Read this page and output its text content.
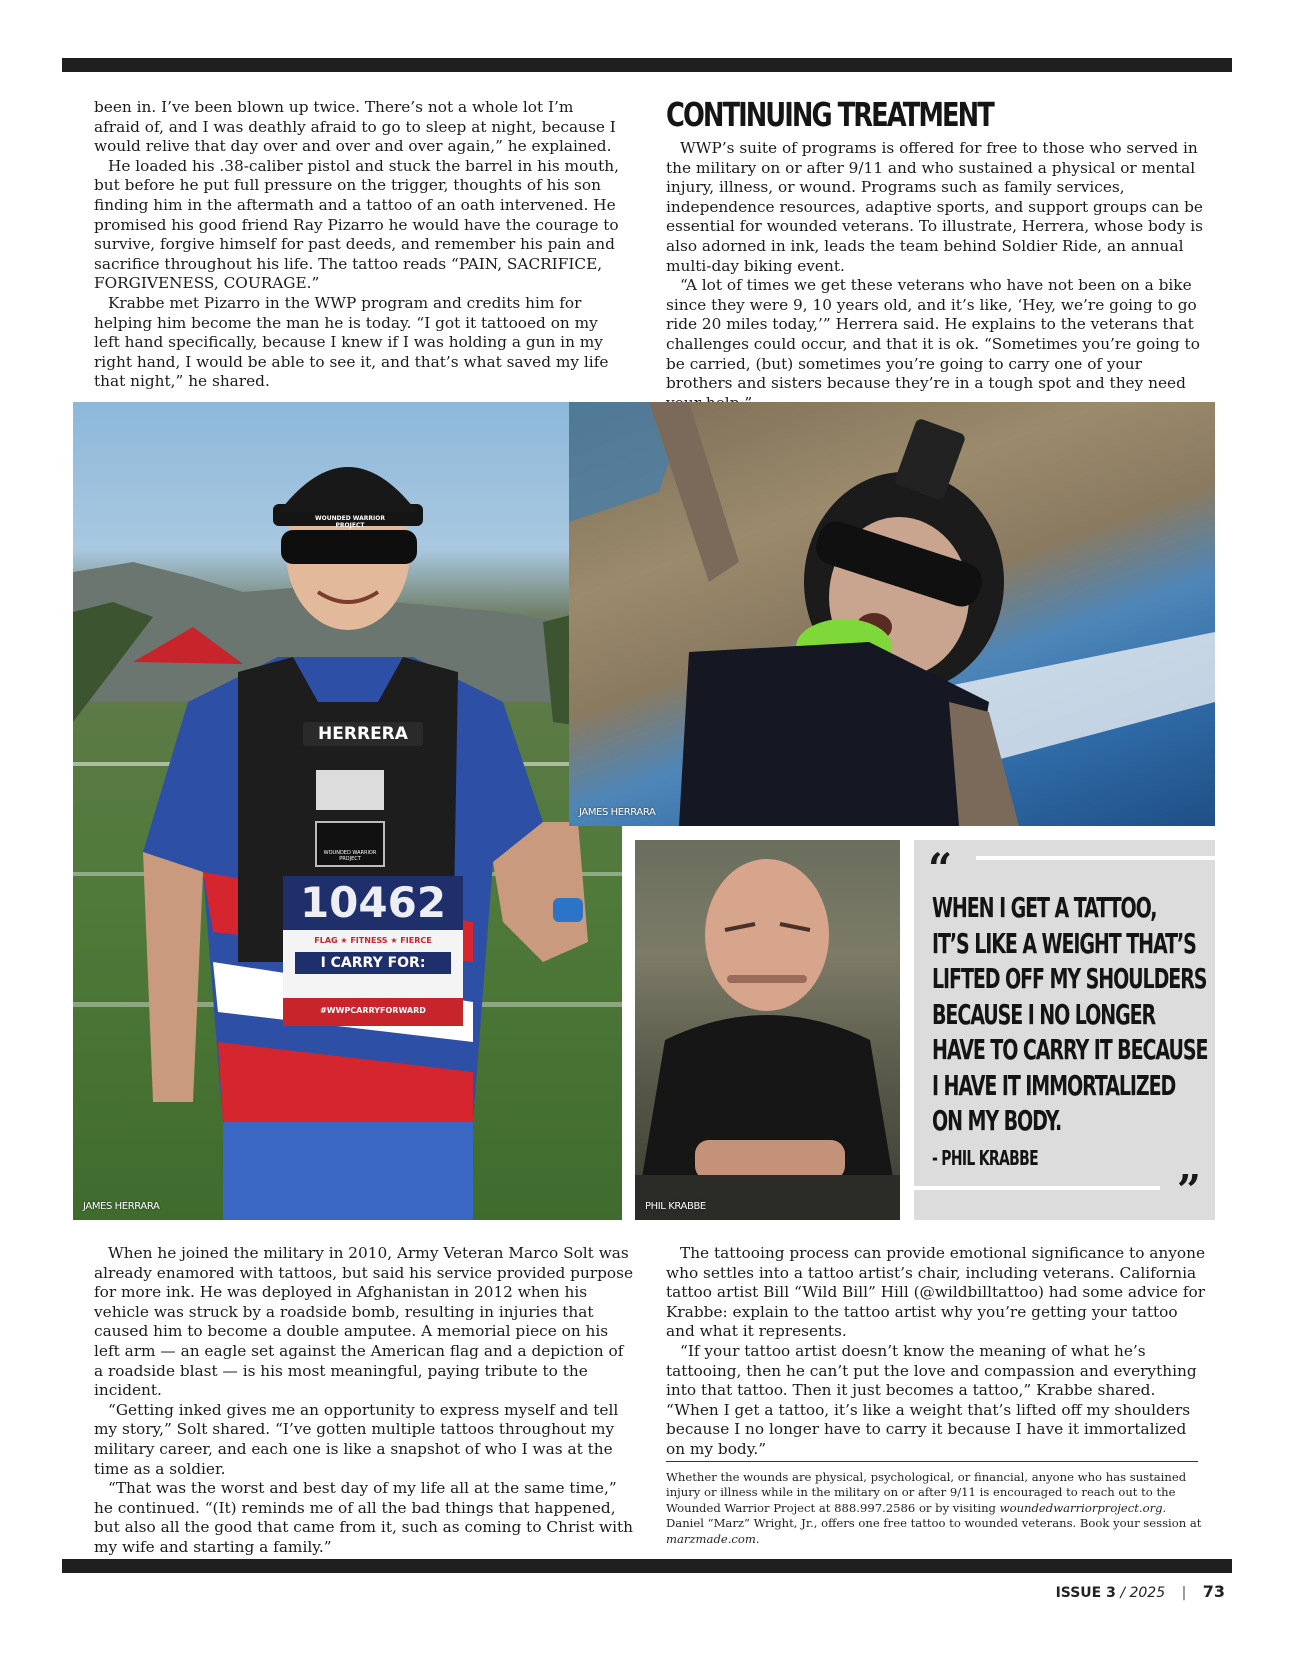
been in. I’ve been blown up twice. There’s not a whole lot I’m afraid of, and I was deathly afraid to go to sleep at night, because I would relive that day over and over and over again,” he explained.

He loaded his .38-caliber pistol and stuck the barrel in his mouth, but before he put full pressure on the trigger, thoughts of his son finding him in the aftermath and a tattoo of an oath intervened. He promised his good friend Ray Pizarro he would have the courage to survive, forgive himself for past deeds, and remember his pain and sacrifice throughout his life. The tattoo reads “PAIN, SACRIFICE, FORGIVENESS, COURAGE.”

Krabbe met Pizarro in the WWP program and credits him for helping him become the man he is today. “I got it tattooed on my left hand specifically, because I knew if I was holding a gun in my right hand, I would be able to see it, and that’s what saved my life that night,” he shared.

CONTINUING TREATMENT

WWP’s suite of programs is offered for free to those who served in the military on or after 9/11 and who sustained a physical or mental injury, illness, or wound. Programs such as family services, independence resources, adaptive sports, and support groups can be essential for wounded veterans. To illustrate, Herrera, whose body is also adorned in ink, leads the team behind Soldier Ride, an annual multi-day biking event.

“A lot of times we get these veterans who have not been on a bike since they were 9, 10 years old, and it’s like, ‘Hey, we’re going to go ride 20 miles today,’” Herrera said. He explains to the veterans that challenges could occur, and that it is ok. “Sometimes you’re going to be carried, (but) sometimes you’re going to carry one of your brothers and sisters because they’re in a tough spot and they need

HERRERA
WOUNDED WARRIOR PROJECT
WOUNDED WARRIOR PROJECT
10462
FLAG ★ FITNESS ★ FIERCE
I CARRY FOR:
#WWPCARRYFORWARD
JAMES HERRARA
JAMES HERRARA
PHIL KRABBE
“
WHEN I GET A TATTOO,
IT’S LIKE A WEIGHT THAT’S
LIFTED OFF MY SHOULDERS
BECAUSE I NO LONGER
HAVE TO CARRY IT BECAUSE
I HAVE IT IMMORTALIZED
ON MY BODY.
- PHIL KRABBE
”

When he joined the military in 2010, Army Veteran Marco Solt was already enamored with tattoos, but said his service provided purpose for more ink. He was deployed in Afghanistan in 2012 when his vehicle was struck by a roadside bomb, resulting in injuries that caused him to become a double amputee. A memorial piece on his left arm — an eagle set against the American flag and a depiction of a roadside blast — is his most meaningful, paying tribute to the incident.

“Getting inked gives me an opportunity to express myself and tell my story,” Solt shared. “I’ve gotten multiple tattoos throughout my military career, and each one is like a snapshot of who I was at the time as a soldier.

“That was the worst and best day of my life all at the same time,” he continued. “(It) reminds me of all the bad things that happened, but also all the good that came from it, such as coming to Christ with my wife and starting a family.”

The tattooing process can provide emotional significance to anyone who settles into a tattoo artist’s chair, including veterans. California tattoo artist Bill “Wild Bill” Hill (@wildbilltattoo) had some advice for Krabbe: explain to the tattoo artist why you’re getting your tattoo and what it represents.

“If your tattoo artist doesn’t know the meaning of what he’s tattooing, then he can’t put the love and compassion and everything into that tattoo. Then it just becomes a tattoo,” Krabbe shared. “When I get a tattoo, it’s like a weight that’s lifted off my shoulders because I no longer have to carry it because I have it immortalized on my body.”

Whether the wounds are physical, psychological, or financial, anyone who has sustained injury or illness while in the military on or after 9/11 is encouraged to reach out to the Wounded Warrior Project at 888.997.2586 or by visiting woundedwarriorproject.org. Daniel “Marz” Wright, Jr., offers one free tattoo to wounded veterans. Book your session at marzmade.com.
ISSUE 3 / 2025 | 73
